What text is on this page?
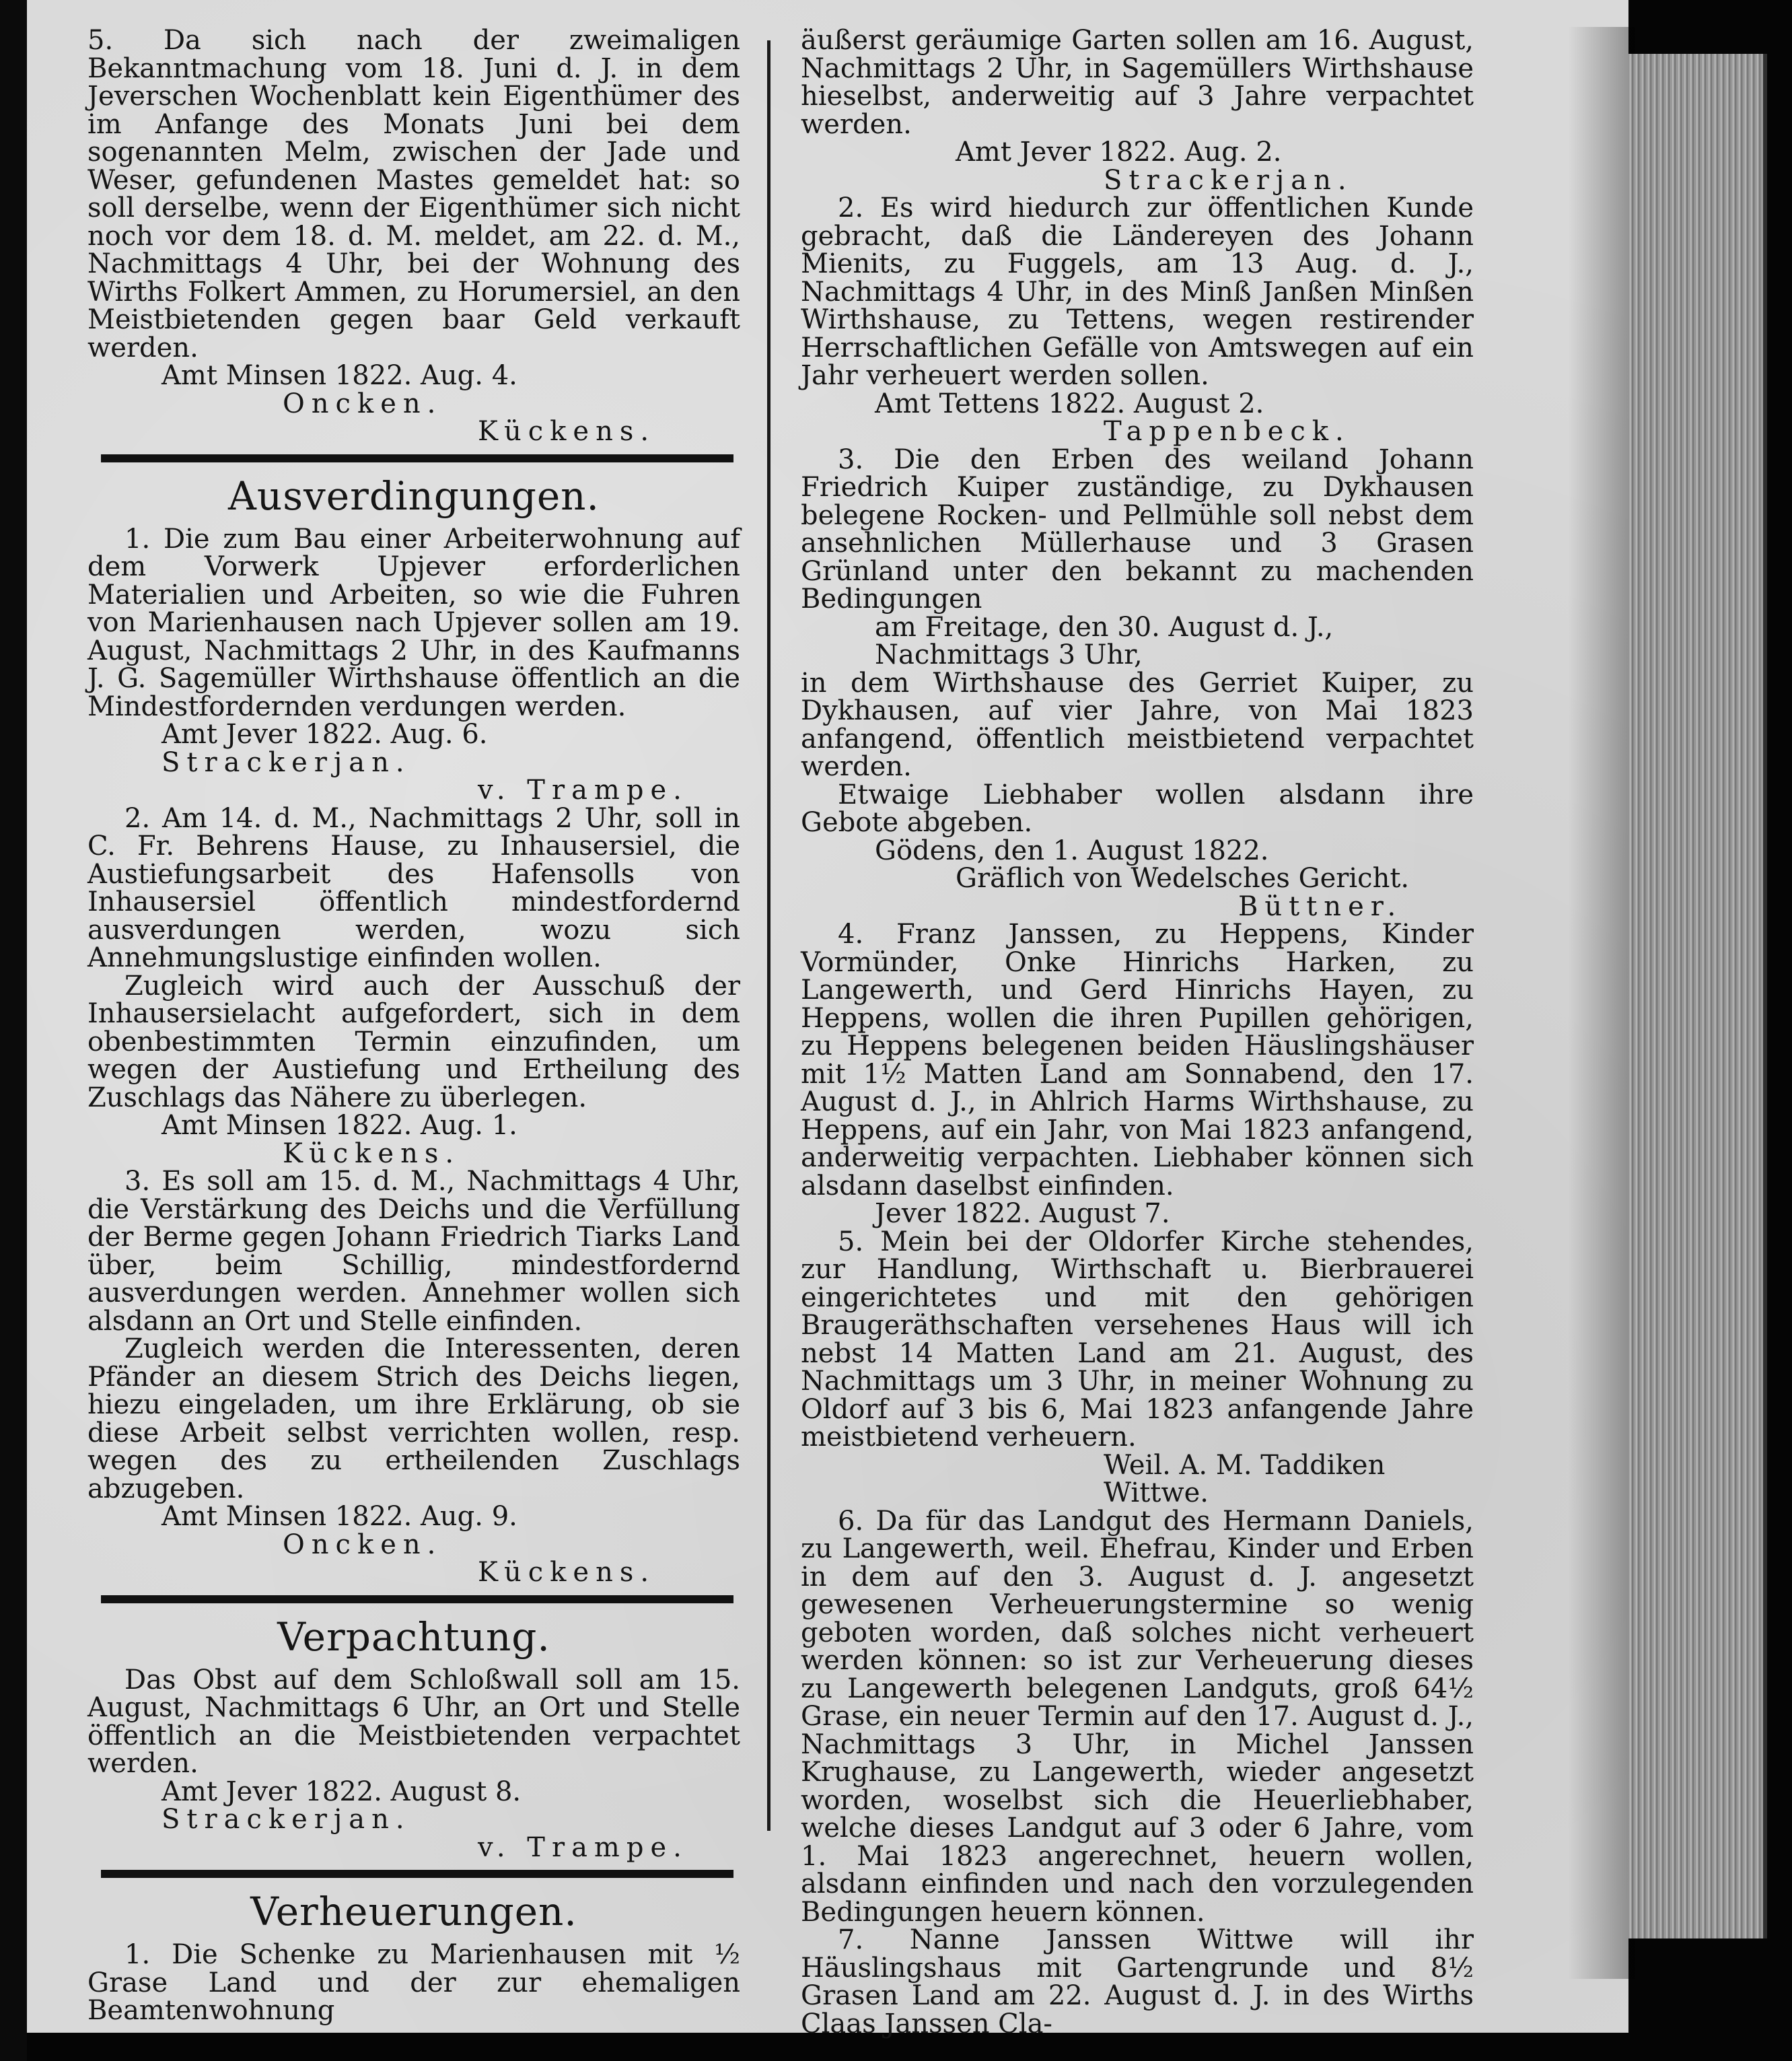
5. Da sich nach der zweimaligen Bekanntmachung vom 18. Juni d. J. in dem Jeverschen Wochenblatt kein Eigenthümer des im Anfange des Monats Juni bei dem sogenannten Melm, zwischen der Jade und Weser, gefundenen Mastes gemeldet hat: so soll derselbe, wenn der Eigenthümer sich nicht noch vor dem 18. d. M. meldet, am 22. d. M., Nachmittags 4 Uhr, bei der Wohnung des Wirths Folkert Ammen, zu Horumersiel, an den Meistbietenden gegen baar Geld verkauft werden.

Amt Minsen 1822. Aug. 4.
Oncken.
Kückens.
Ausverdingungen.

1. Die zum Bau einer Arbeiterwohnung auf dem Vorwerk Upjever erforderlichen Materialien und Arbeiten, so wie die Fuhren von Marienhausen nach Upjever sollen am 19. August, Nachmittags 2 Uhr, in des Kaufmanns J. G. Sagemüller Wirthshause öffentlich an die Mindestfordernden verdungen werden.

Amt Jever 1822. Aug. 6.
Strackerjan.
v. Trampe.

2. Am 14. d. M., Nachmittags 2 Uhr, soll in C. Fr. Behrens Hause, zu Inhausersiel, die Austiefungsarbeit des Hafensolls von Inhausersiel öffentlich mindestfordernd ausverdungen werden, wozu sich Annehmungslustige einfinden wollen.

Zugleich wird auch der Ausschuß der Inhausersielacht aufgefordert, sich in dem obenbestimmten Termin einzufinden, um wegen der Austiefung und Ertheilung des Zuschlags das Nähere zu überlegen.

Amt Minsen 1822. Aug. 1.
Kückens.

3. Es soll am 15. d. M., Nachmittags 4 Uhr, die Verstärkung des Deichs und die Verfüllung der Berme gegen Johann Friedrich Tiarks Land über, beim Schillig, mindestfordernd ausverdungen werden. Annehmer wollen sich alsdann an Ort und Stelle einfinden.

Zugleich werden die Interessenten, deren Pfänder an diesem Strich des Deichs liegen, hiezu eingeladen, um ihre Erklärung, ob sie diese Arbeit selbst verrichten wollen, resp. wegen des zu ertheilenden Zuschlags abzugeben.

Amt Minsen 1822. Aug. 9.
Oncken.
Kückens.
Verpachtung.

Das Obst auf dem Schloßwall soll am 15. August, Nachmittags 6 Uhr, an Ort und Stelle öffentlich an die Meistbietenden verpachtet werden.

Amt Jever 1822. August 8.
Strackerjan.
v. Trampe.
Verheuerungen.

1. Die Schenke zu Marienhausen mit ½ Grase Land und der zur ehemaligen Beamtenwohnung

äußerst geräumige Garten sollen am 16. August, Nachmittags 2 Uhr, in Sagemüllers Wirthshause hieselbst, anderweitig auf 3 Jahre verpachtet werden.

Amt Jever 1822. Aug. 2.
Strackerjan.

2. Es wird hiedurch zur öffentlichen Kunde gebracht, daß die Ländereyen des Johann Mienits, zu Fuggels, am 13 Aug. d. J., Nachmittags 4 Uhr, in des Minß Janßen Minßen Wirthshause, zu Tettens, wegen restirender Herrschaftlichen Gefälle von Amtswegen auf ein Jahr verheuert werden sollen.

Amt Tettens 1822. August 2.
Tappenbeck.

3. Die den Erben des weiland Johann Friedrich Kuiper zuständige, zu Dykhausen belegene Rocken- und Pellmühle soll nebst dem ansehnlichen Müllerhause und 3 Grasen Grünland unter den bekannt zu machenden Bedingungen

am Freitage, den 30. August d. J., Nachmittags 3 Uhr,

in dem Wirthshause des Gerriet Kuiper, zu Dykhausen, auf vier Jahre, von Mai 1823 anfangend, öffentlich meistbietend verpachtet werden.

Etwaige Liebhaber wollen alsdann ihre Gebote abgeben.

Gödens, den 1. August 1822.
Gräflich von Wedelsches Gericht.
Büttner.

4. Franz Janssen, zu Heppens, Kinder Vormünder, Onke Hinrichs Harken, zu Langewerth, und Gerd Hinrichs Hayen, zu Heppens, wollen die ihren Pupillen gehörigen, zu Heppens belegenen beiden Häuslingshäuser mit 1½ Matten Land am Sonnabend, den 17. August d. J., in Ahlrich Harms Wirthshause, zu Heppens, auf ein Jahr, von Mai 1823 anfangend, anderweitig verpachten. Liebhaber können sich alsdann daselbst einfinden.

Jever 1822. August 7.

5. Mein bei der Oldorfer Kirche stehendes, zur Handlung, Wirthschaft u. Bierbrauerei eingerichtetes und mit den gehörigen Braugeräthschaften versehenes Haus will ich nebst 14 Matten Land am 21. August, des Nachmittags um 3 Uhr, in meiner Wohnung zu Oldorf auf 3 bis 6, Mai 1823 anfangende Jahre meistbietend verheuern.

Weil. A. M. Taddiken Wittwe.

6. Da für das Landgut des Hermann Daniels, zu Langewerth, weil. Ehefrau, Kinder und Erben in dem auf den 3. August d. J. angesetzt gewesenen Verheuerungstermine so wenig geboten worden, daß solches nicht verheuert werden können: so ist zur Verheuerung dieses zu Langewerth belegenen Landguts, groß 64½ Grase, ein neuer Termin auf den 17. August d. J., Nachmittags 3 Uhr, in Michel Janssen Krughause, zu Langewerth, wieder angesetzt worden, woselbst sich die Heuerliebhaber, welche dieses Landgut auf 3 oder 6 Jahre, vom 1. Mai 1823 angerechnet, heuern wollen, alsdann einfinden und nach den vorzulegenden Bedingungen heuern können.

7. Nanne Janssen Wittwe will ihr Häuslingshaus mit Gartengrunde und 8½ Grasen Land am 22. August d. J. in des Wirths Claas Janssen Cla-
